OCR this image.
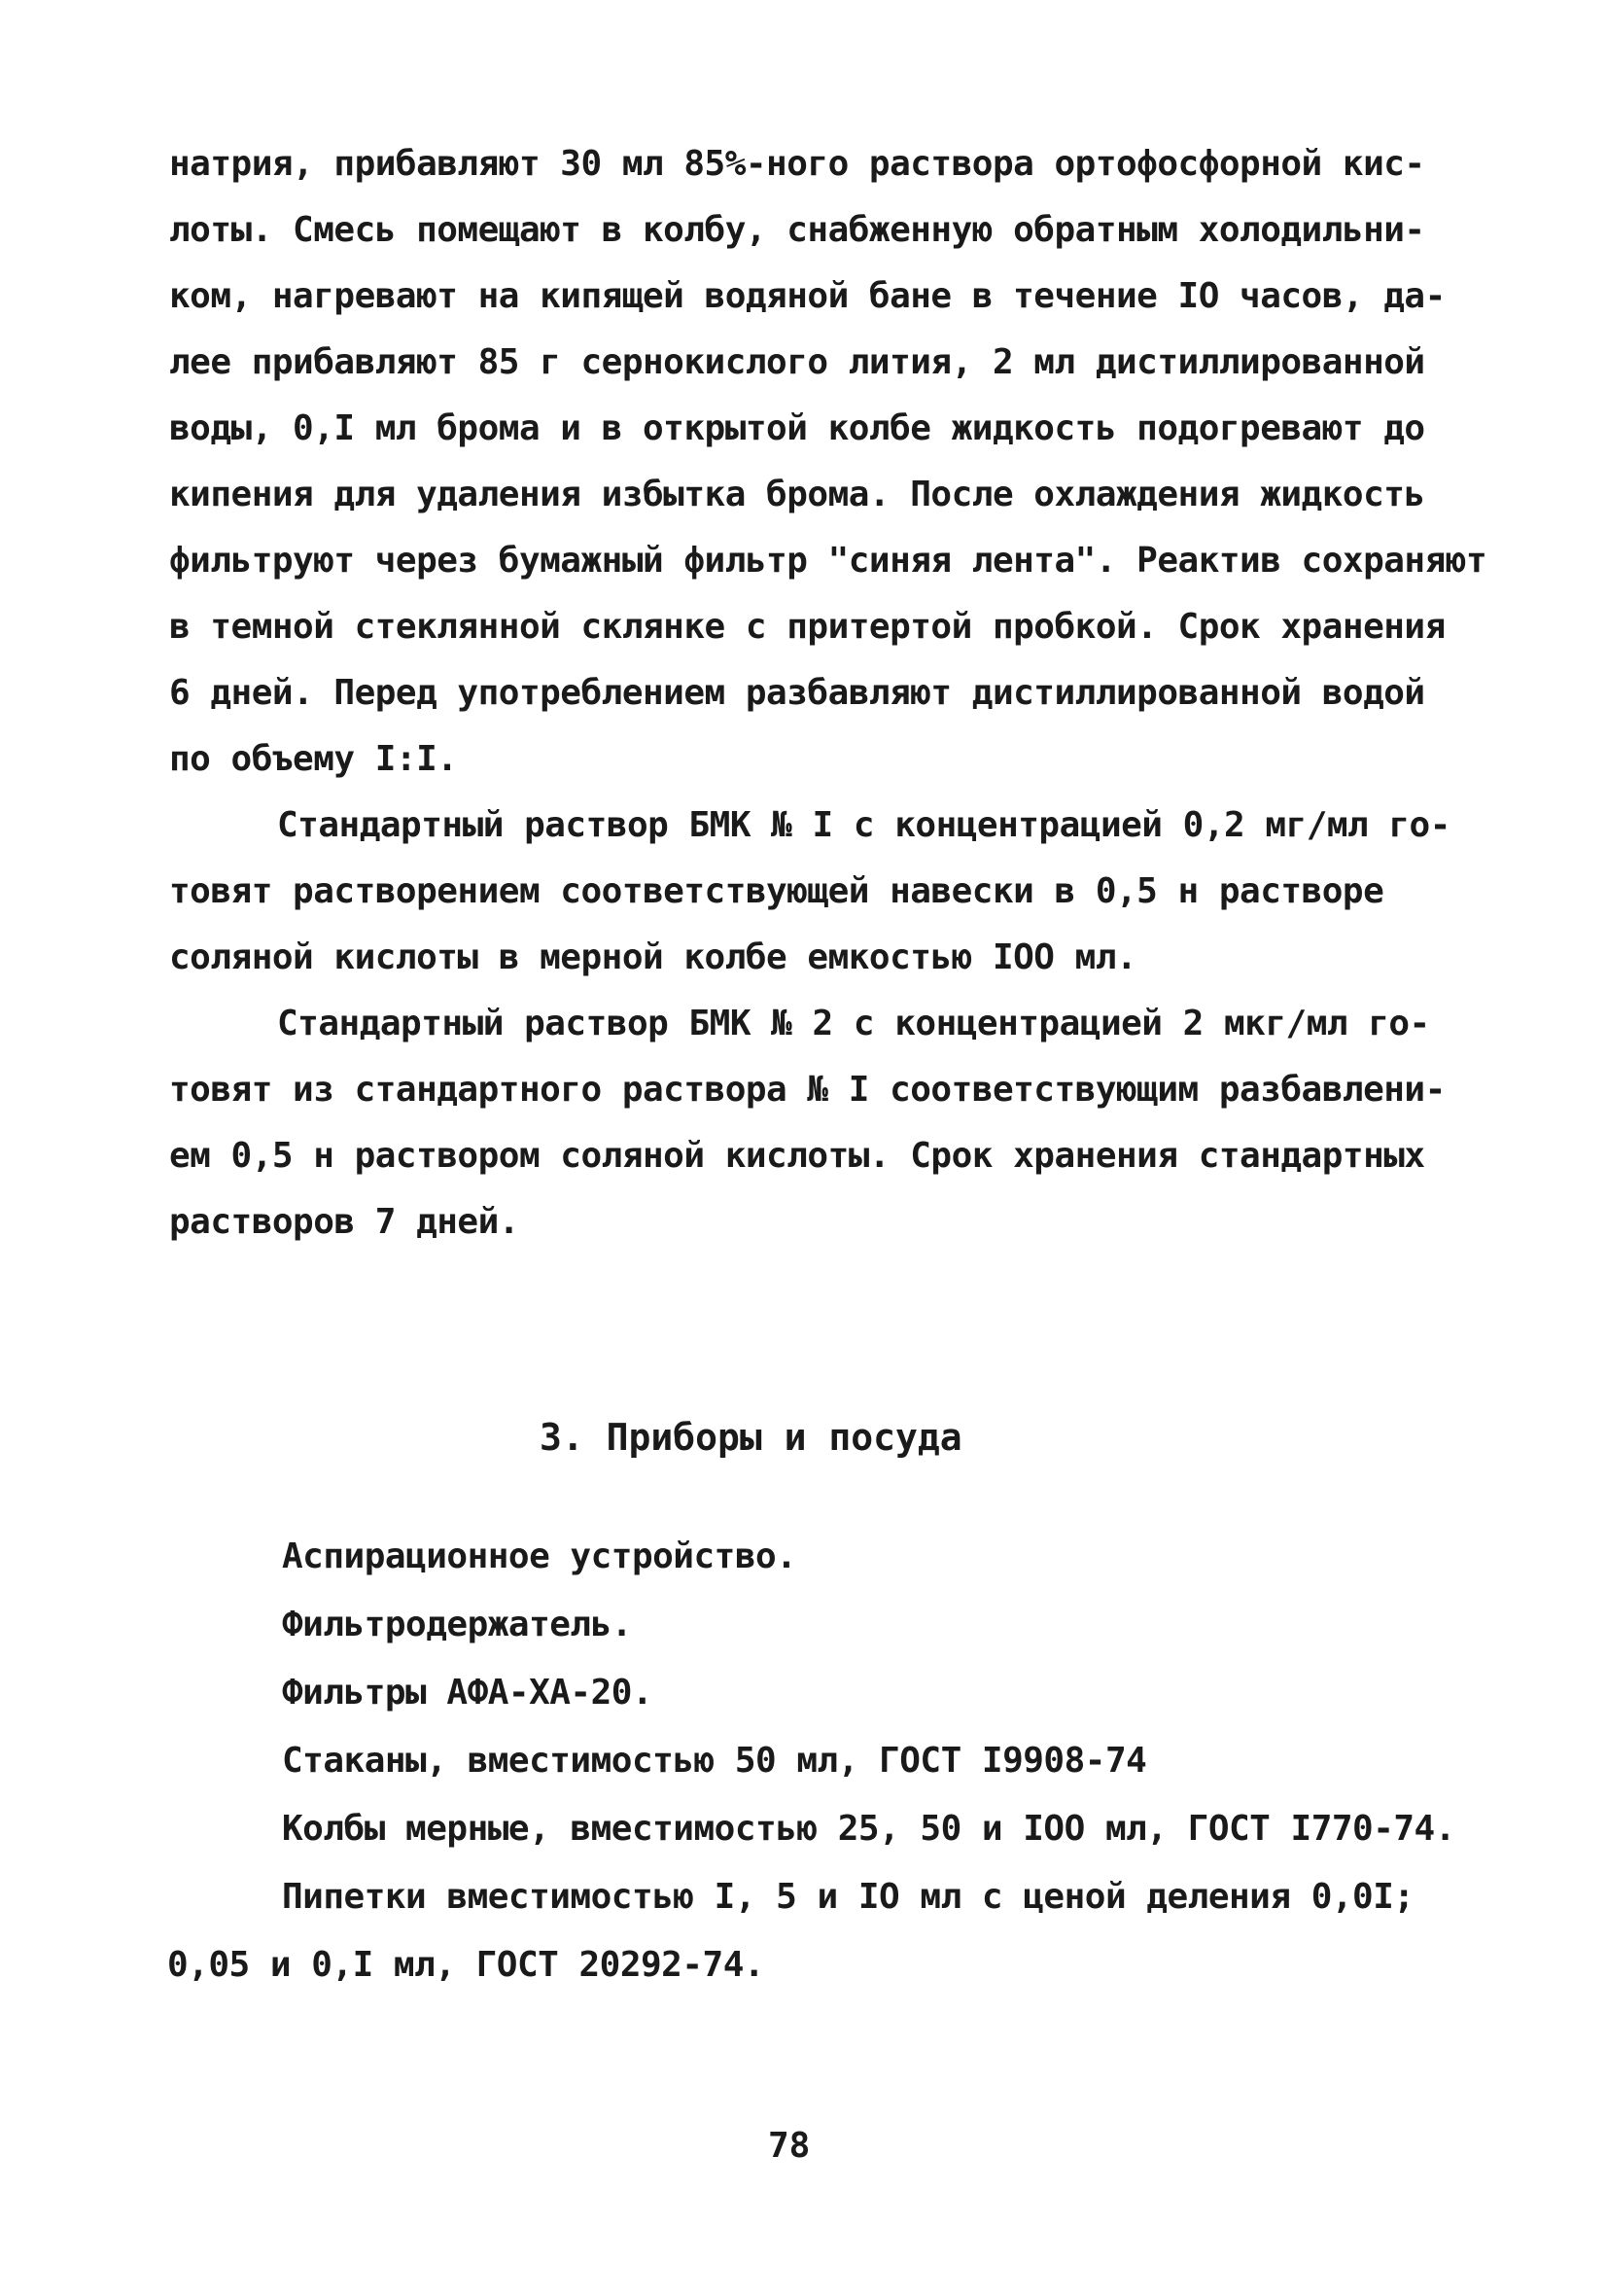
натрия, прибавляют 30 мл 85%-ного раствора ортофосфорной кис-
лоты. Смесь помещают в колбу, снабженную обратным холодильни-
ком, нагревают на кипящей водяной бане в течение IO часов, да-
лее прибавляют 85 г сернокислого лития, 2 мл дистиллированной
воды, 0,I мл брома и в открытой колбе жидкость подогревают до
кипения для удаления избытка брома. После охлаждения жидкость
фильтруют через бумажный фильтр "синяя лента". Реактив сохраняют
в темной стеклянной склянке с притертой пробкой. Срок хранения
6 дней. Перед употреблением разбавляют дистиллированной водой
по объему I:I.
Стандартный раствор БМК № I с концентрацией 0,2 мг/мл го-
товят растворением соответствующей навески в 0,5 н растворе
соляной кислоты в мерной колбе емкостью IOO мл.
Стандартный раствор БМК № 2 с концентрацией 2 мкг/мл го-
товят из стандартного раствора № I соответствующим разбавлени-
ем 0,5 н раствором соляной кислоты. Срок хранения стандартных
растворов 7 дней.
3. Приборы и посуда
Аспирационное устройство.
Фильтродержатель.
Фильтры АФА-ХА-20.
Стаканы, вместимостью 50 мл, ГОСТ I9908-74
Колбы мерные, вместимостью 25, 50 и IOO мл, ГОСТ I770-74.
Пипетки вместимостью I, 5 и IO мл с ценой деления 0,0I;
0,05 и 0,I мл, ГОСТ 20292-74.
78
